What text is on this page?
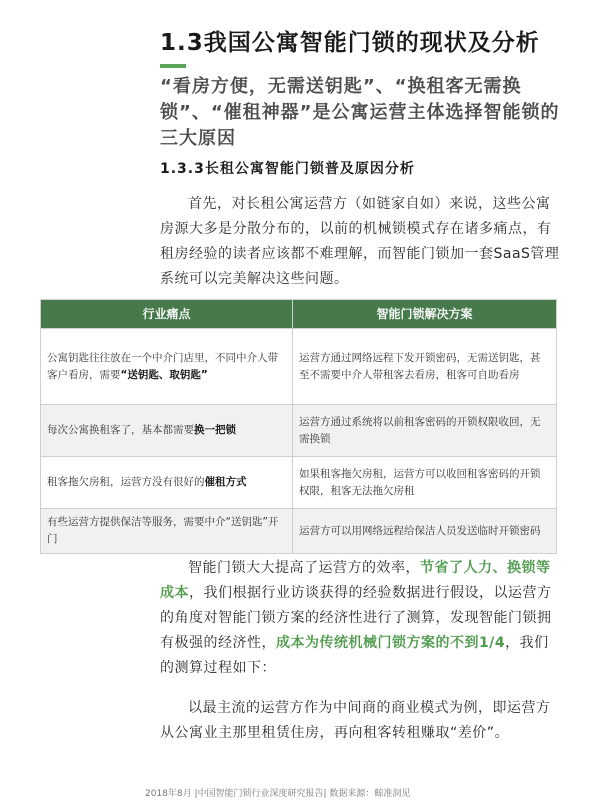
1.3我国公寓智能门锁的现状及分析
“看房方便，无需送钥匙”、“换租客无需换锁”、“催租神器”是公寓运营主体选择智能锁的三大原因
1.3.3长租公寓智能门锁普及原因分析
首先，对长租公寓运营方（如链家自如）来说，这些公寓房源大多是分散分布的，以前的机械锁模式存在诸多痛点，有租房经验的读者应该都不难理解，而智能门锁加一套SaaS管理系统可以完美解决这些问题。
行业痛点	智能门锁解决方案
公寓钥匙往往放在一个中介门店里，不同中介人带客户看房，需要“送钥匙、取钥匙”	运营方通过网络远程下发开锁密码，无需送钥匙，甚至不需要中介人带租客去看房，租客可自助看房
每次公寓换租客了，基本都需要换一把锁	运营方通过系统将以前租客密码的开锁权限收回，无需换锁
租客拖欠房租，运营方没有很好的催租方式	如果租客拖欠房租，运营方可以收回租客密码的开锁权限，租客无法拖欠房租
有些运营方提供保洁等服务，需要中介“送钥匙”开门	运营方可以用网络远程给保洁人员发送临时开锁密码
智能门锁大大提高了运营方的效率，节省了人力、换锁等成本，我们根据行业访谈获得的经验数据进行假设，以运营方的角度对智能门锁方案的经济性进行了测算，发现智能门锁拥有极强的经济性，成本为传统机械门锁方案的不到1/4，我们的测算过程如下：
以最主流的运营方作为中间商的商业模式为例，即运营方从公寓业主那里租赁住房，再向租客转租赚取“差价”。
2018年8月 |中国智能门锁行业深度研究报告| 数据来源：鲸准洞见
